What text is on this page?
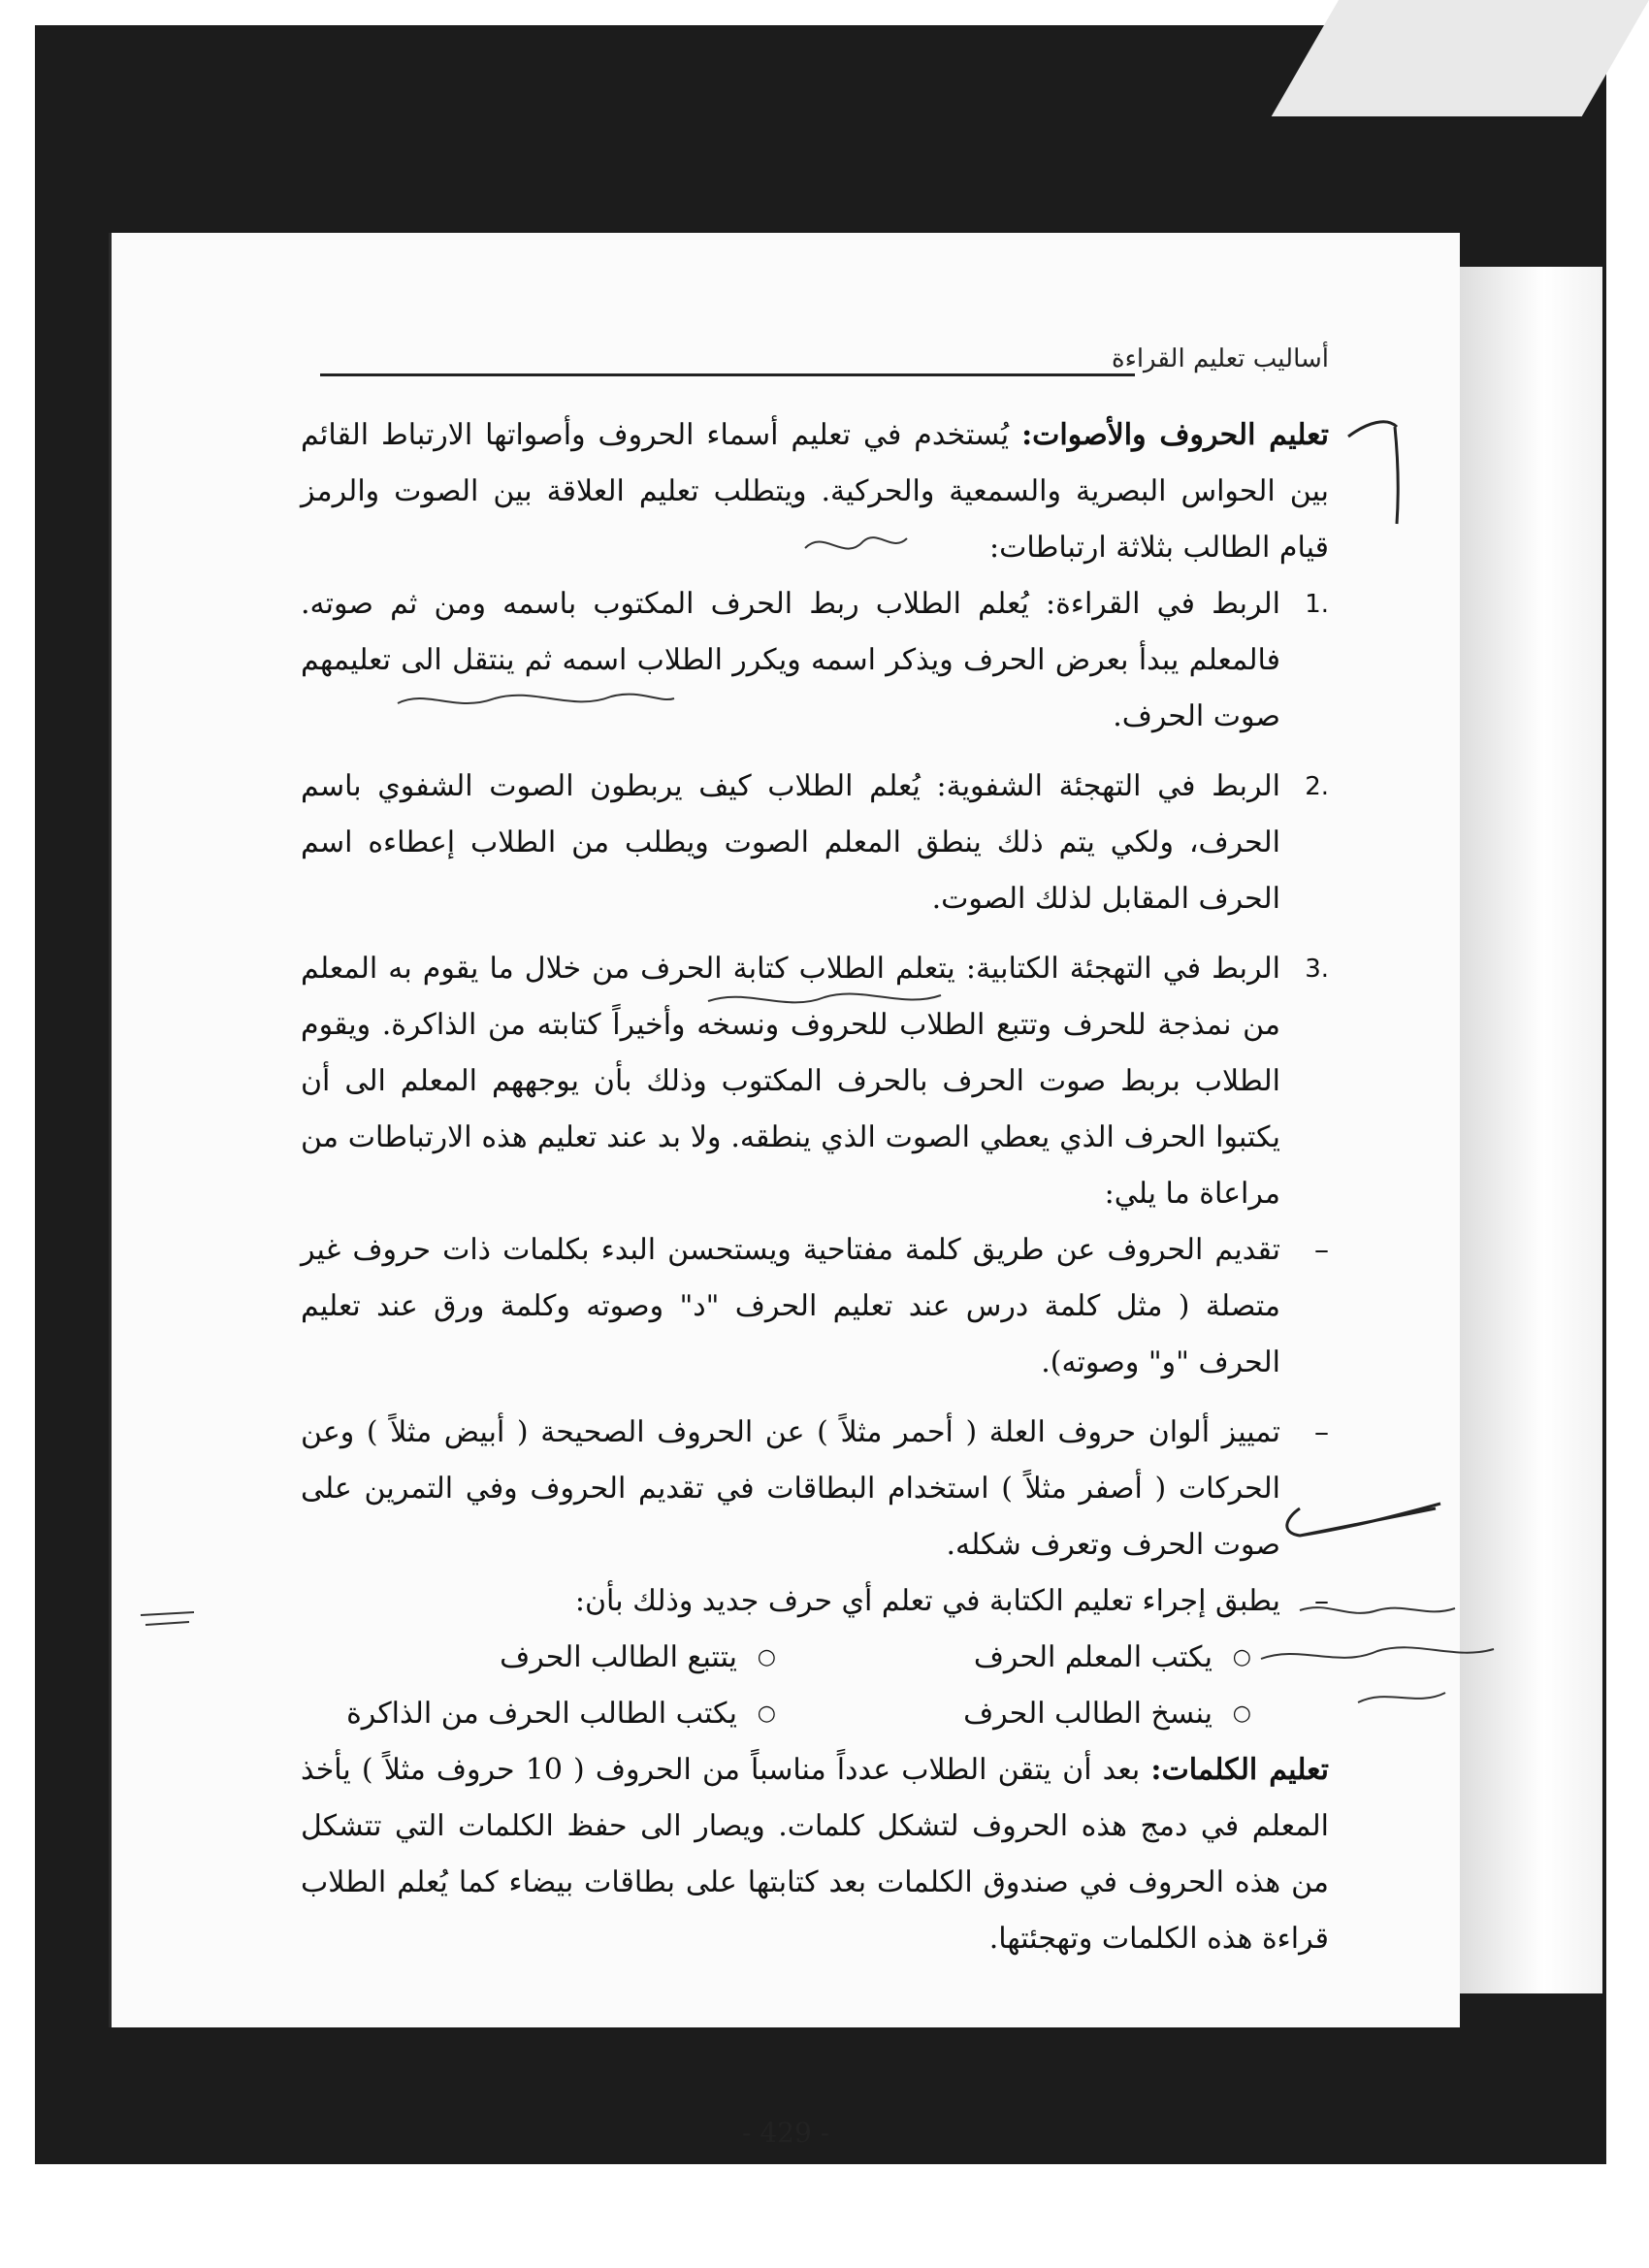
أساليب تعليم القراءة

تعليم الحروف والأصوات: يُستخدم في تعليم أسماء الحروف وأصواتها الارتباط القائم بين الحواس البصرية والسمعية والحركية. ويتطلب تعليم العلاقة بين الصوت والرمز قيام الطالب بثلاثة ارتباطات:

.1
الربط في القراءة: يُعلم الطلاب ربط الحرف المكتوب باسمه ومن ثم صوته. فالمعلم يبدأ بعرض الحرف ويذكر اسمه ويكرر الطلاب اسمه ثم ينتقل الى تعليمهم صوت الحرف.

.2
الربط في التهجئة الشفوية: يُعلم الطلاب كيف يربطون الصوت الشفوي باسم الحرف، ولكي يتم ذلك ينطق المعلم الصوت ويطلب من الطلاب إعطاءه اسم الحرف المقابل لذلك الصوت.

.3
الربط في التهجئة الكتابية: يتعلم الطلاب كتابة الحرف من خلال ما يقوم به المعلم من نمذجة للحرف وتتبع الطلاب للحروف ونسخه وأخيراً كتابته من الذاكرة. ويقوم الطلاب بربط صوت الحرف بالحرف المكتوب وذلك بأن يوجههم المعلم الى أن يكتبوا الحرف الذي يعطي الصوت الذي ينطقه. ولا بد عند تعليم هذه الارتباطات من مراعاة ما يلي:

–
تقديم الحروف عن طريق كلمة مفتاحية ويستحسن البدء بكلمات ذات حروف غير متصلة ( مثل كلمة درس عند تعليم الحرف "د" وصوته وكلمة ورق عند تعليم الحرف "و" وصوته).

–
تمييز ألوان حروف العلة ( أحمر مثلاً ) عن الحروف الصحيحة ( أبيض مثلاً ) وعن الحركات ( أصفر مثلاً ) استخدام البطاقات في تقديم الحروف وفي التمرين على صوت الحرف وتعرف شكله.

–
يطبق إجراء تعليم الكتابة في تعلم أي حرف جديد وذلك بأن:

○ يكتب المعلم الحرف
○ يتتبع الطالب الحرف
○ ينسخ الطالب الحرف
○ يكتب الطالب الحرف من الذاكرة

تعليم الكلمات: بعد أن يتقن الطلاب عدداً مناسباً من الحروف ( 10 حروف مثلاً ) يأخذ المعلم في دمج هذه الحروف لتشكل كلمات. ويصار الى حفظ الكلمات التي تتشكل من هذه الحروف في صندوق الكلمات بعد كتابتها على بطاقات بيضاء كما يُعلم الطلاب قراءة هذه الكلمات وتهجئتها.

- 429 -
